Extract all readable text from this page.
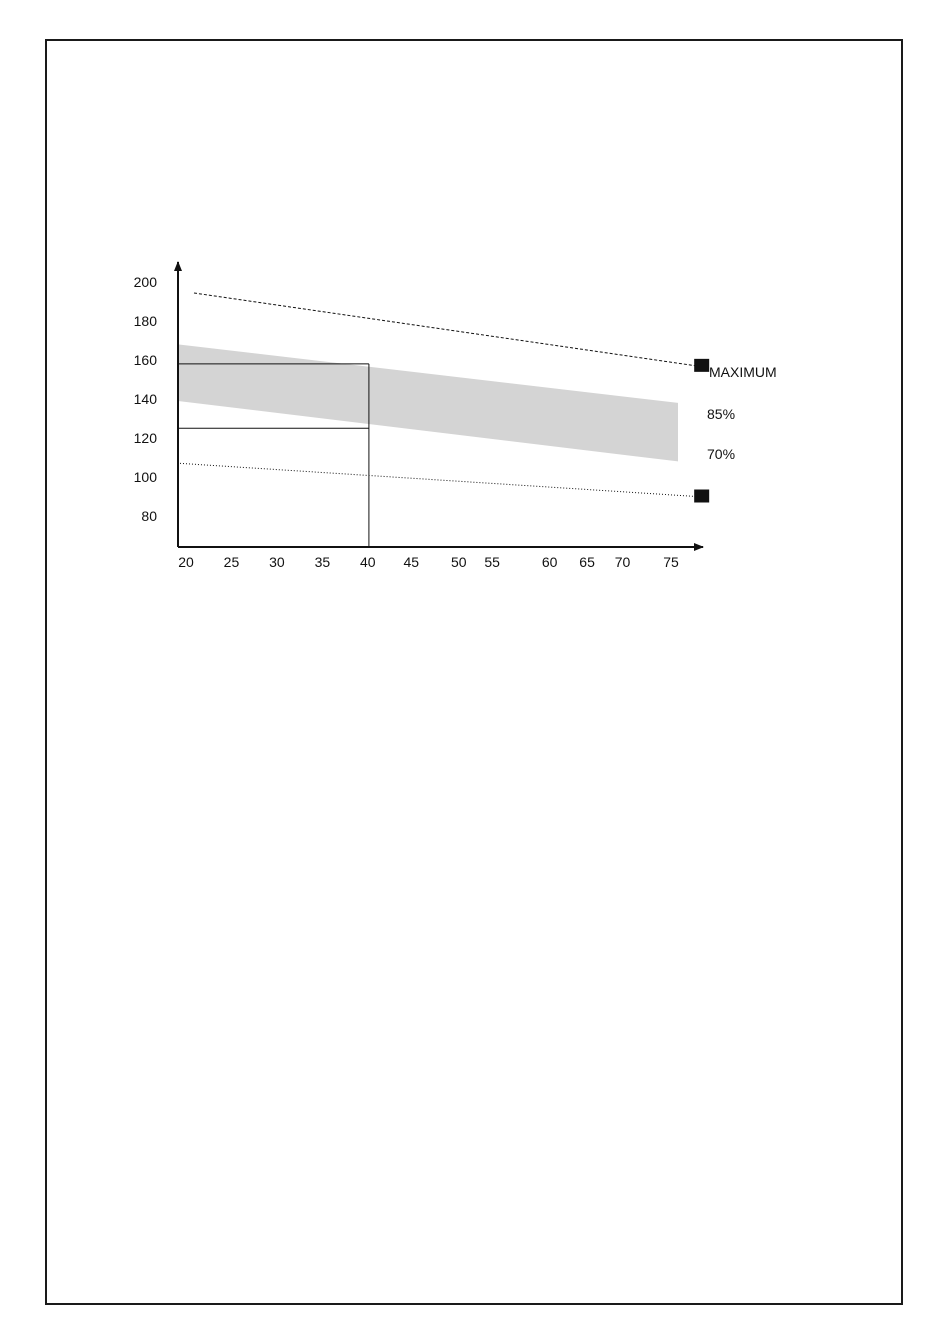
80
100
120
140
160
180
200
20 25 30 35 40 45 50 55	60 65 70 75
MAXIMUM
85%
70%
